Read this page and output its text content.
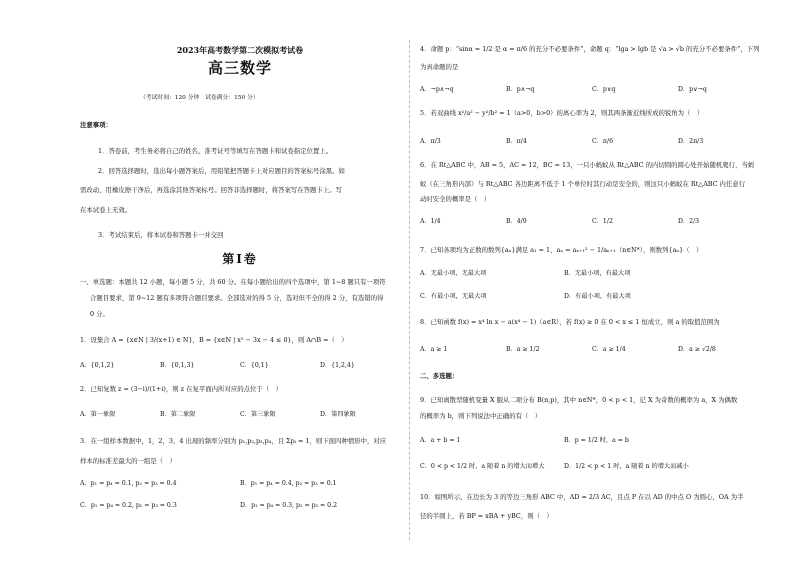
2023年高考数学第二次模拟考试卷
高三数学
（考试时间：120 分钟　试卷满分：150 分）
注意事项：
1．答卷前，考生务必将自己的姓名、准考证号等填写在答题卡和试卷指定位置上。
2．回答选择题时，选出每小题答案后，用铅笔把答题卡上对应题目的答案标号涂黑。如
需改动，用橡皮擦干净后，再选涂其他答案标号。回答非选择题时，将答案写在答题卡上。写
在本试卷上无效。
3．考试结束后，将本试卷和答题卡一并交回
第Ⅰ卷
一、单选题：本题共 12 小题，每小题 5 分，共 60 分。在每小题给出的四个选项中，第 1~8 题只有一项符
合题目要求，第 9~12 题有多项符合题目要求。全部选对的得 5 分，选对但不全的得 2 分，有选错的得
0 分。
1．设集合 A = {x∈N | 3/(x+1) ∈ N}，B = {x∈N | x² − 3x − 4 ≤ 0}，则 A∩B =（　）
A．{0,1,2}	B．{0,1,3}	C．{0,1}	D．{1,2,4}
2．已知复数 z = (3−i)/(1+i)，则 z 在复平面内所对应的点位于（　）
A．第一象限	B．第二象限	C．第三象限	D．第四象限
3．在一组样本数据中，1，2，3，4 出现的频率分别为 p₁,p₂,p₃,p₄，且 Σpᵢ = 1，则下面四种情形中，对应
样本的标准差最大的一组是（　）
A．p₁ = p₄ = 0.1, p₂ = p₃ = 0.4	B．p₁ = p₄ = 0.4, p₂ = p₃ = 0.1
C．p₁ = p₄ = 0.2, p₂ = p₃ = 0.3	D．p₁ = p₄ = 0.3, p₂ = p₃ = 0.2
4．命题 p：“sinα = 1/2 是 α = π/6 的充分不必要条件”，命题 q：“lga > lgb 是 √a > √b 的充分不必要条件”，下列
为真命题的是
A．¬p∧¬q	B．p∧¬q	C．p∨q	D．p∨¬q
5．若双曲线 x²/a² − y²/b² = 1（a>0，b>0）的离心率为 2，则其两条渐近线所成的锐角为（　）
A．π/3	B．π/4	C．π/6	D．2π/3
6．在 Rt△ABC 中，AB = 5，AC = 12，BC = 13，一只小蚂蚁从 Rt△ABC 的内切圆的圆心处开始随机爬行，当蚂
蚁（在三角形内部）与 Rt△ABC 各边距离不低于 1 个单位时其行动是安全的，则这只小蚂蚁在 Rt△ABC 内任意行
动时安全的概率是（　）
A．1/4	B．4/9	C．1/2	D．2/3
7．已知各项均为正数的数列{aₙ}满足 a₁ = 1，aₙ = aₙ₊₁² − 1/aₙ₊₁（n∈N*），则数列{aₙ}（　）
A．无最小项，无最大项	B．无最小项，有最大项
C．有最小项，无最大项	D．有最小项，有最大项
8．已知函数 f(x) = x⁴ ln x − a(x⁴ − 1)（a∈R），若 f(x) ≥ 0 在 0 < x ≤ 1 恒成立，则 a 的取值范围为
A．a ≥ 1	B．a ≥ 1/2	C．a ≥ 1/4	D．a ≥ √2/8
二、多选题：
9．已知离散型随机变量 X 服从二项分布 B(n,p)，其中 n∈N*，0 < p < 1，记 X 为奇数的概率为 a，X 为偶数
的概率为 b，则下列说法中正确的有（　）
A．a + b = 1	B．p = 1/2 时，a = b
C．0 < p < 1/2 时，a 随着 n 的增大而增大	D．1/2 < p < 1 时，a 随着 n 的增大而减小
10．如图所示，在边长为 3 的等边三角形 ABC 中，AD = 2/3 AC，且点 P 在以 AD 的中点 O 为圆心，OA 为半
径的半圆上，若 BP = xBA + yBC，则（　）
